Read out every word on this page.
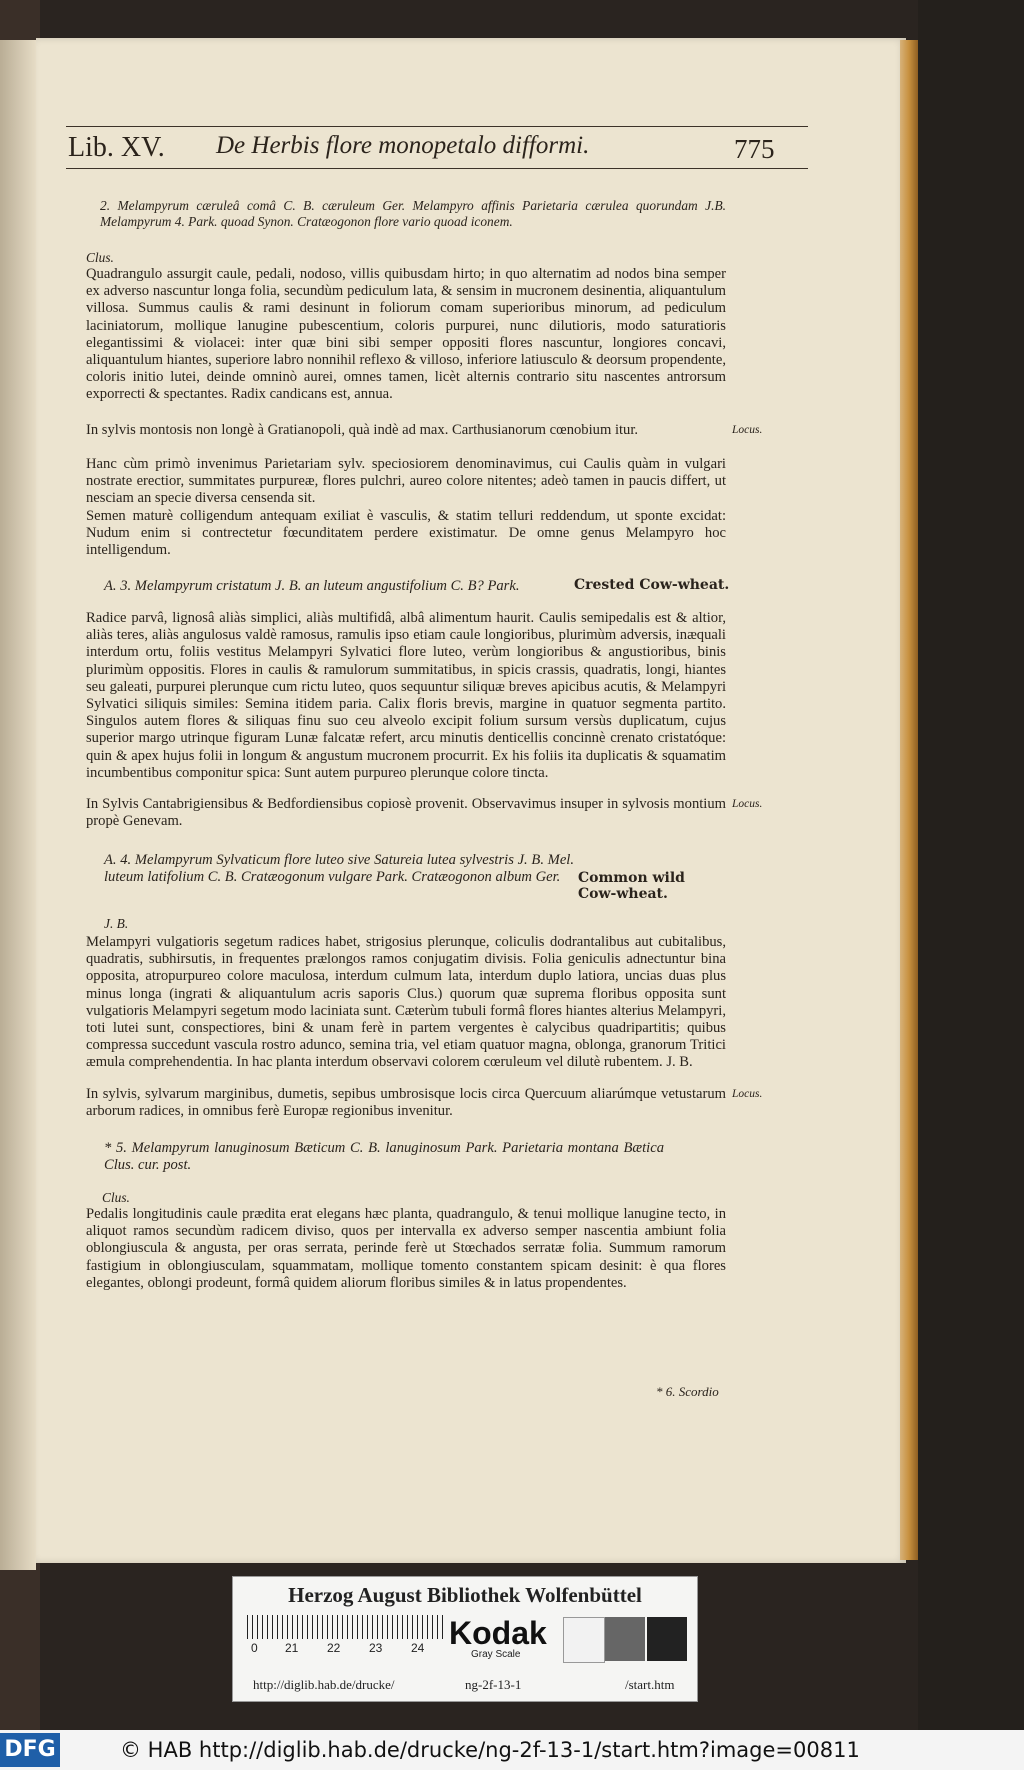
Lib. XV. De Herbis flore monopetalo difformi.	775

2. Melampyrum cæruleâ comâ C. B. cæruleum Ger. Melampyro affinis Parietaria cærulea quorundam J.B. Melampyrum 4. Park. quoad Synon. Cratæogonon flore vario quoad iconem.

Clus.

Quadrangulo assurgit caule, pedali, nodoso, villis quibusdam hirto; in quo alternatim ad nodos bina semper ex adverso nascuntur longa folia, secundùm pediculum lata, & sensim in mucronem desinentia, aliquantulum villosa. Summus caulis & rami desinunt in foliorum comam superioribus minorum, ad pediculum laciniatorum, mollique lanugine pubescentium, coloris purpurei, nunc dilutioris, modo saturatioris elegantissimi & violacei: inter quæ bini sibi semper oppositi flores nascuntur, longiores concavi, aliquantulum hiantes, superiore labro nonnihil reflexo & villoso, inferiore latiusculo & deorsum propendente, coloris initio lutei, deinde omninò aurei, omnes tamen, licèt alternis contrario situ nascentes antrorsum exporrecti & spectantes. Radix candicans est, annua.

In sylvis montosis non longè à Gratianopoli, quà indè ad max. Carthusianorum cœnobium itur.	Locus.

Hanc cùm primò invenimus Parietariam sylv. speciosiorem denominavimus, cui Caulis quàm in vulgari nostrate erectior, summitates purpureæ, flores pulchri, aureo colore nitentes; adeò tamen in paucis differt, ut nesciam an specie diversa censenda sit.

Semen maturè colligendum antequam exiliat è vasculis, & statim telluri reddendum, ut sponte excidat: Nudum enim si contrectetur fœcunditatem perdere existimatur. De omne genus Melampyro hoc intelligendum.

A. 3. Melampyrum cristatum J. B. an luteum angustifolium C. B? Park.	Crested Cow-wheat.

Radice parvâ, lignosâ aliàs simplici, aliàs multifidâ, albâ alimentum haurit. Caulis semipedalis est & altior, aliàs teres, aliàs angulosus valdè ramosus, ramulis ipso etiam caule longioribus, plurimùm adversis, inæquali interdum ortu, foliis vestitus Melampyri Sylvatici flore luteo, verùm longioribus & angustioribus, binis plurimùm oppositis. Flores in caulis & ramulorum summitatibus, in spicis crassis, quadratis, longi, hiantes seu galeati, purpurei plerunque cum rictu luteo, quos sequuntur siliquæ breves apicibus acutis, & Melampyri Sylvatici siliquis similes: Semina itidem paria. Calix floris brevis, margine in quatuor segmenta partito. Singulos autem flores & siliquas finu suo ceu alveolo excipit folium sursum versùs duplicatum, cujus superior margo utrinque figuram Lunæ falcatæ refert, arcu minutis denticellis concinnè crenato cristatóque: quin & apex hujus folii in longum & angustum mucronem procurrit. Ex his foliis ita duplicatis & squamatim incumbentibus componitur spica: Sunt autem purpureo plerunque colore tincta.

In Sylvis Cantabrigiensibus & Bedfordiensibus copiosè provenit. Observavimus insuper in sylvosis montium propè Genevam.

Locus.

A. 4. Melampyrum Sylvaticum flore luteo sive Satureia lutea sylvestris J. B. Mel. luteum latifolium C. B. Cratæogonum vulgare Park. Cratæogonon album Ger.	Common wild Cow-wheat.

J. B.

Melampyri vulgatioris segetum radices habet, strigosius plerunque, coliculis dodrantalibus aut cubitalibus, quadratis, subhirsutis, in frequentes prælongos ramos conjugatim divisis. Folia geniculis adnectuntur bina opposita, atropurpureo colore maculosa, interdum culmum lata, interdum duplo latiora, uncias duas plus minus longa (ingrati & aliquantulum acris saporis Clus.) quorum quæ suprema floribus opposita sunt vulgatioris Melampyri segetum modo laciniata sunt. Cæterùm tubuli formâ flores hiantes alterius Melampyri, toti lutei sunt, conspectiores, bini & unam ferè in partem vergentes è calycibus quadripartitis; quibus compressa succedunt vascula rostro adunco, semina tria, vel etiam quatuor magna, oblonga, granorum Tritici æmula comprehendentia. In hac planta interdum observavi colorem cœruleum vel dilutè rubentem. J. B.

In sylvis, sylvarum marginibus, dumetis, sepibus umbrosisque locis circa Quercuum aliarúmque vetustarum arborum radices, in omnibus ferè Europæ regionibus invenitur.

Locus.

* 5. Melampyrum lanuginosum Bæticum C. B. lanuginosum Park. Parietaria montana Bætica Clus. cur. post.

Clus.

Pedalis longitudinis caule prædita erat elegans hæc planta, quadrangulo, & tenui mollique lanugine tecto, in aliquot ramos secundùm radicem diviso, quos per intervalla ex adverso semper nascentia ambiunt folia oblongiuscula & angusta, per oras serrata, perinde ferè ut Stœchados serratæ folia. Summum ramorum fastigium in oblongiusculam, squammatam, mollique tomento constantem spicam desinit: è qua flores elegantes, oblongi prodeunt, formâ quidem aliorum floribus similes & in latus propendentes.

* 6. Scordio
Herzog August Bibliothek Wolfenbüttel
0 21 22 23 24 Kodak
Gray Scale
http://diglib.hab.de/drucke/	ng-2f-13-1	/start.htm
DFG	© HAB http://diglib.hab.de/drucke/ng-2f-13-1/start.htm?image=00811
